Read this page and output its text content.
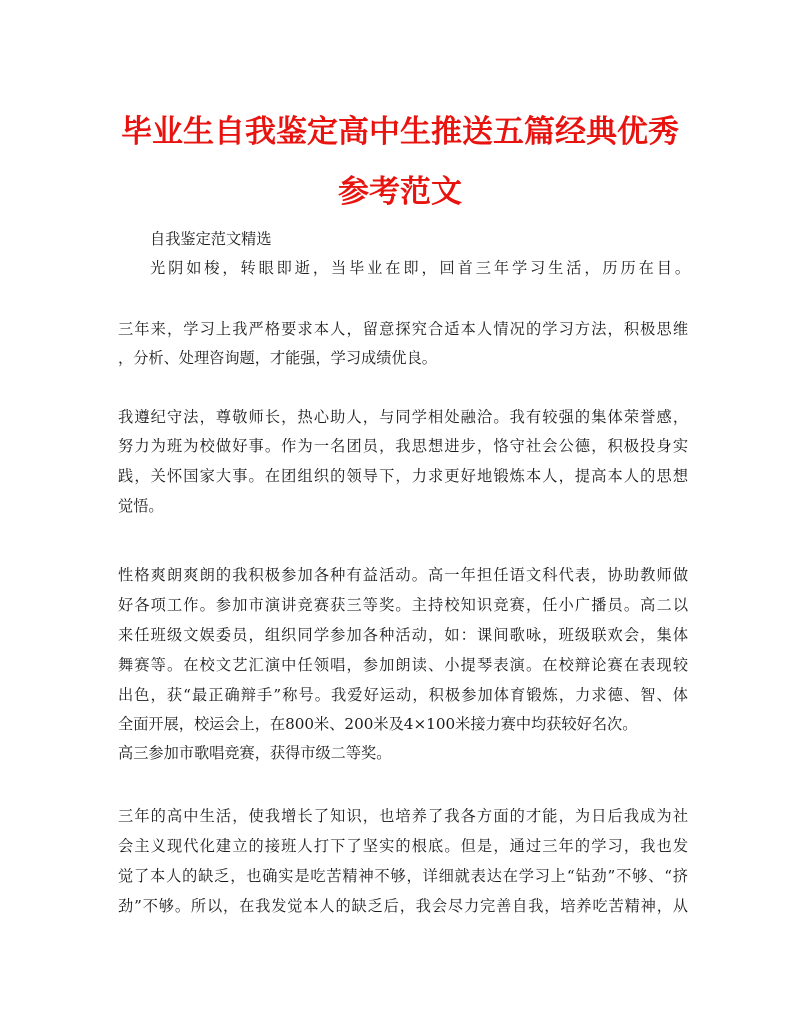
毕业生自我鉴定高中生推送五篇经典优秀
参考范文
自我鉴定范文精选
光阴如梭，转眼即逝，当毕业在即，回首三年学习生活，历历在目。
三年来，学习上我严格要求本人，留意探究合适本人情况的学习方法，积极思维
，分析、处理咨询题，才能强，学习成绩优良。
我遵纪守法，尊敬师长，热心助人，与同学相处融洽。我有较强的集体荣誉感，
努力为班为校做好事。作为一名团员，我思想进步，恪守社会公德，积极投身实
践，关怀国家大事。在团组织的领导下，力求更好地锻炼本人，提高本人的思想
觉悟。
性格爽朗爽朗的我积极参加各种有益活动。高一年担任语文科代表，协助教师做
好各项工作。参加市演讲竞赛获三等奖。主持校知识竞赛，任小广播员。高二以
来任班级文娱委员，组织同学参加各种活动，如：课间歌咏，班级联欢会，集体
舞赛等。在校文艺汇演中任领唱，参加朗读、小提琴表演。在校辩论赛在表现较
出色，获“最正确辩手”称号。我爱好运动，积极参加体育锻炼，力求德、智、体
全面开展，校运会上，在800米、200米及4×100米接力赛中均获较好名次。
高三参加市歌唱竞赛，获得市级二等奖。
三年的高中生活，使我增长了知识，也培养了我各方面的才能，为日后我成为社
会主义现代化建立的接班人打下了坚实的根底。但是，通过三年的学习，我也发
觉了本人的缺乏，也确实是吃苦精神不够，详细就表达在学习上“钻劲”不够、“挤
劲”不够。所以，在我发觉本人的缺乏后，我会尽力完善自我，培养吃苦精神，从
